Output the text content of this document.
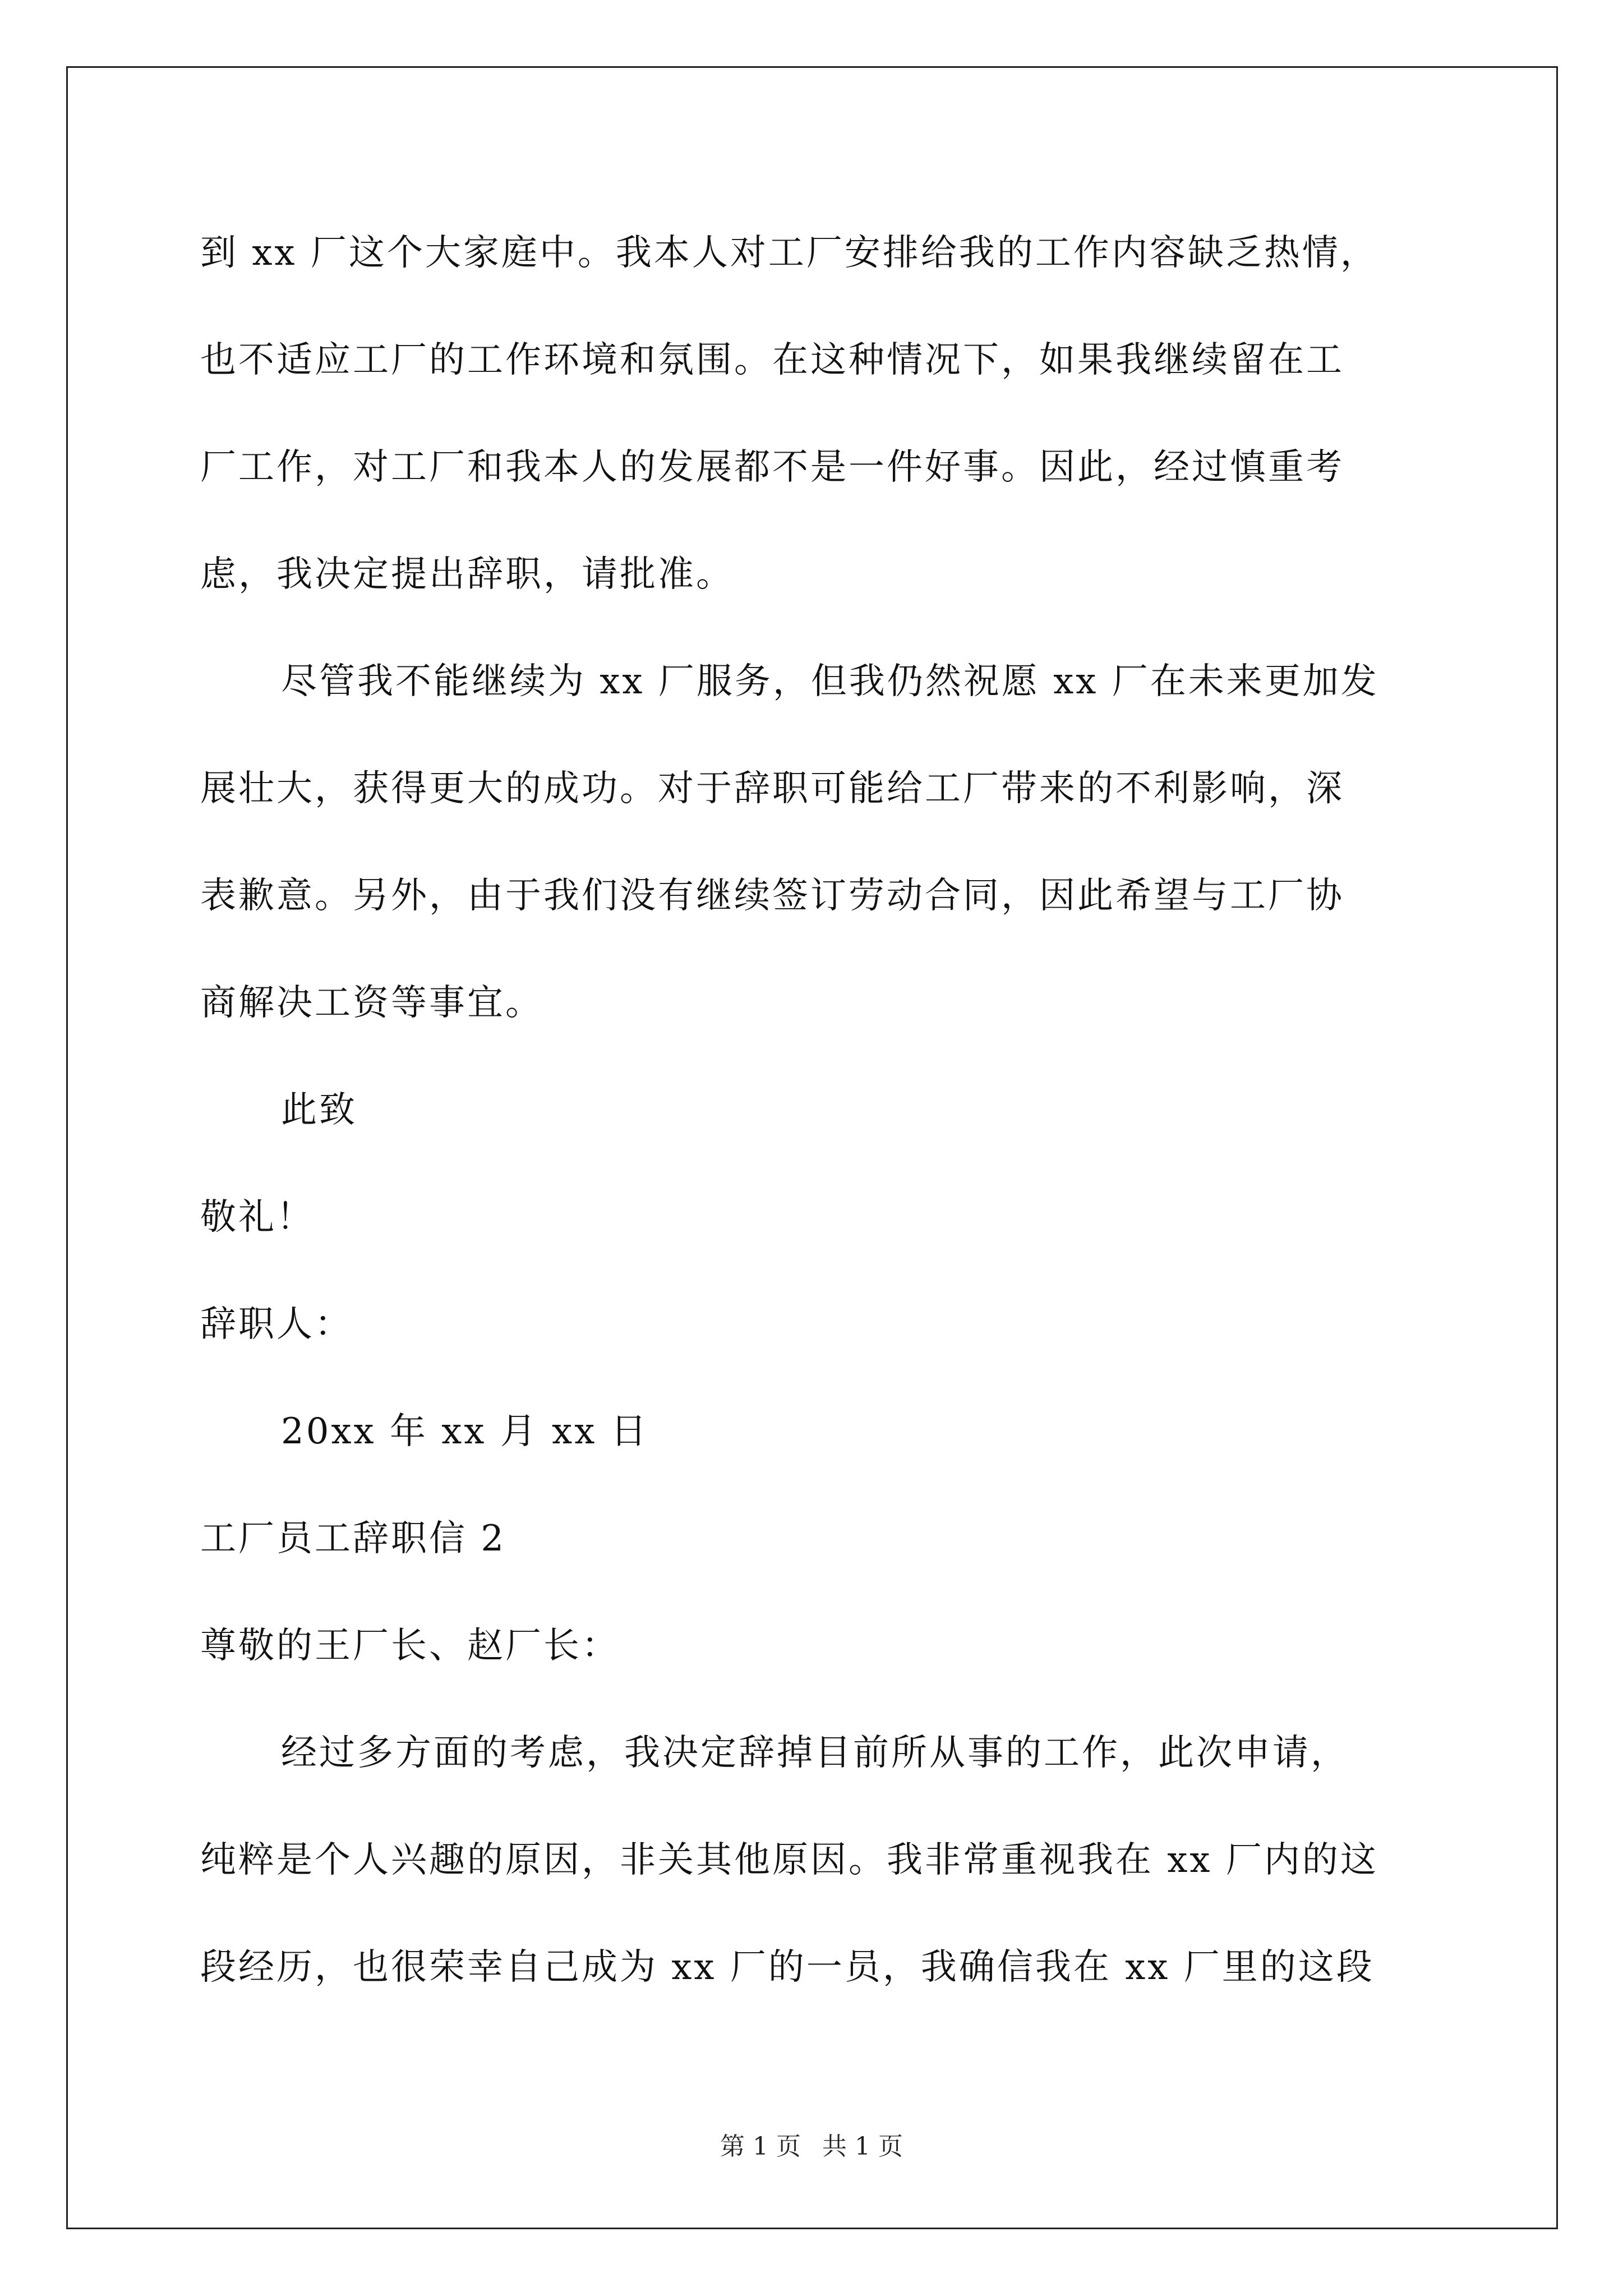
到 xx 厂这个大家庭中。我本人对工厂安排给我的工作内容缺乏热情，
也不适应工厂的工作环境和氛围。在这种情况下，如果我继续留在工
厂工作，对工厂和我本人的发展都不是一件好事。因此，经过慎重考
虑，我决定提出辞职，请批准。
尽管我不能继续为 xx 厂服务，但我仍然祝愿 xx 厂在未来更加发
展壮大，获得更大的成功。对于辞职可能给工厂带来的不利影响，深
表歉意。另外，由于我们没有继续签订劳动合同，因此希望与工厂协
商解决工资等事宜。
此致
敬礼！
辞职人：
20xx 年 xx 月 xx 日
工厂员工辞职信 2
尊敬的王厂长、赵厂长：
经过多方面的考虑，我决定辞掉目前所从事的工作，此次申请，
纯粹是个人兴趣的原因，非关其他原因。我非常重视我在 xx 厂内的这
段经历，也很荣幸自己成为 xx 厂的一员，我确信我在 xx 厂里的这段
第 1 页 共 1 页
